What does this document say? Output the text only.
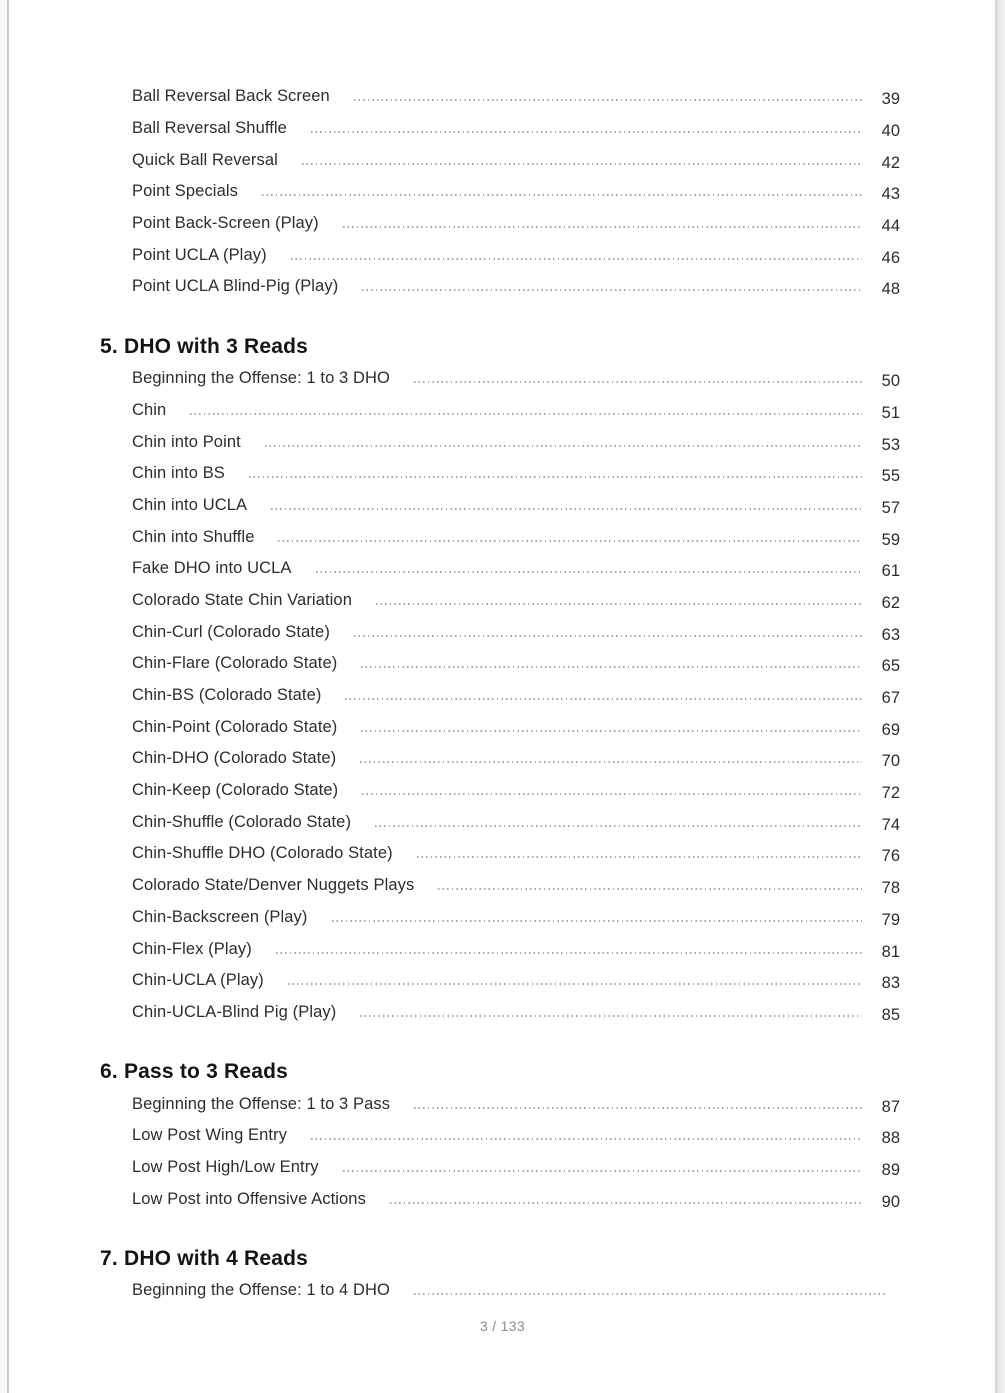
Ball Reversal Back Screen	39
Ball Reversal Shuffle	40
Quick Ball Reversal	42
Point Specials	43
Point Back-Screen (Play)	44
Point UCLA (Play)	46
Point UCLA Blind-Pig (Play)	48
5. DHO with 3 Reads
Beginning the Offense: 1 to 3 DHO	50
Chin	51
Chin into Point	53
Chin into BS	55
Chin into UCLA	57
Chin into Shuffle	59
Fake DHO into UCLA	61
Colorado State Chin Variation	62
Chin-Curl (Colorado State)	63
Chin-Flare (Colorado State)	65
Chin-BS (Colorado State)	67
Chin-Point (Colorado State)	69
Chin-DHO (Colorado State)	70
Chin-Keep (Colorado State)	72
Chin-Shuffle (Colorado State)	74
Chin-Shuffle DHO (Colorado State)	76
Colorado State/Denver Nuggets Plays	78
Chin-Backscreen (Play)	79
Chin-Flex (Play)	81
Chin-UCLA (Play)	83
Chin-UCLA-Blind Pig (Play)	85
6. Pass to 3 Reads
Beginning the Offense: 1 to 3 Pass	87
Low Post Wing Entry	88
Low Post High/Low Entry	89
Low Post into Offensive Actions	90
7. DHO with 4 Reads
Beginning the Offense: 1 to 4 DHO
3 / 133
